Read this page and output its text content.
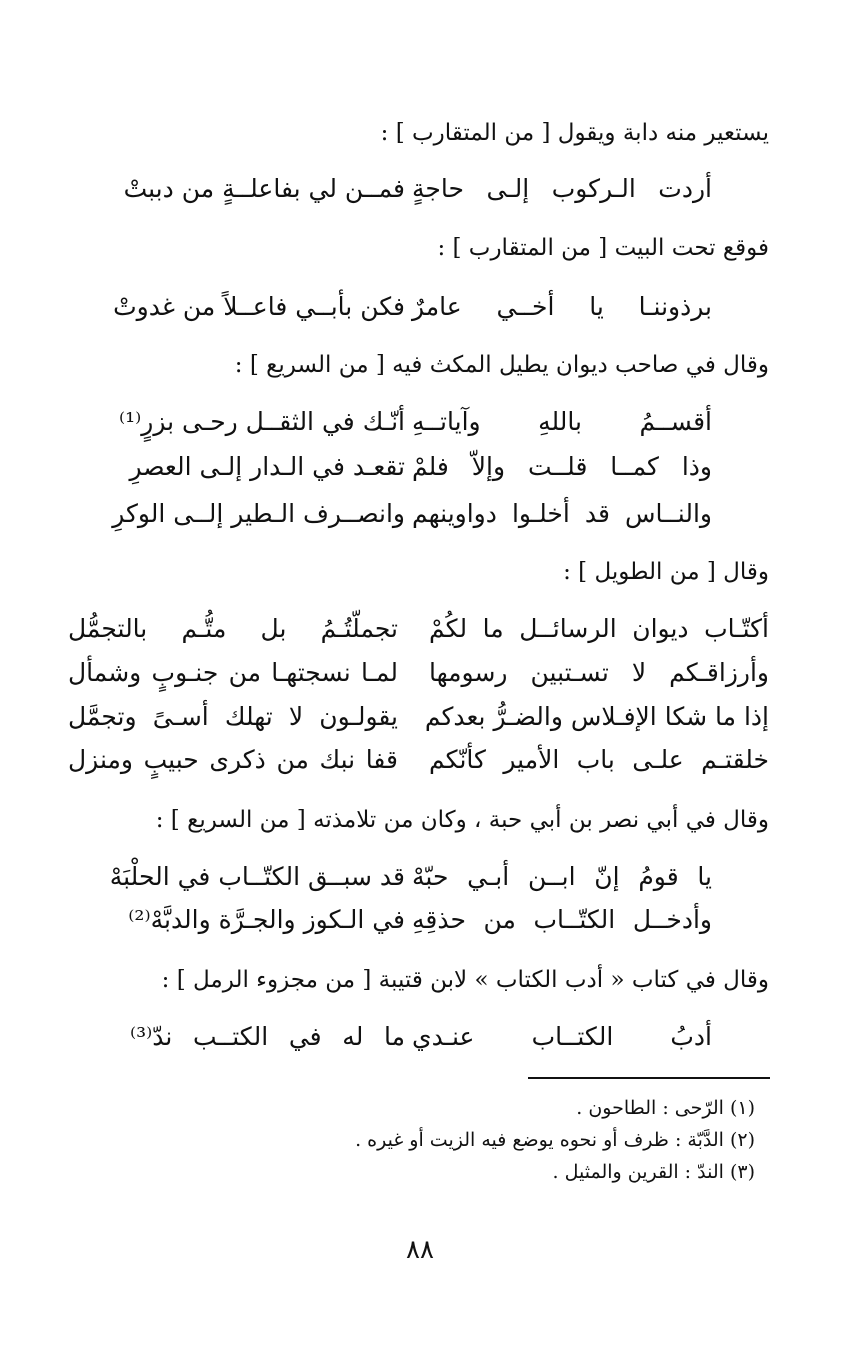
يستعير منه دابة ويقول [ من المتقارب ] :
أردت الـركوب إلـى حاجةٍ
فمــن لي بفاعلــةٍ من دببتْ
فوقع تحت البيت [ من المتقارب ] :
برذوننـا يا أخــي عامرٌ
فكن بأبــي فاعــلاً من غدوتْ
وقال في صاحب ديوان يطيل المكث فيه [ من السريع ] :
أقســمُ باللهِ وآياتــهِ
أنّـك في الثقــل رحـى بزرٍ⁽¹⁾
وذا كمــا قلــت وإلاّ فلمْ
تقعـد في الـدار إلـى العصرِ
والنــاس قد أخلـوا دواوينهم
وانصــرف الـطير إلــى الوكرِ
وقال [ من الطويل ] :
أكتّـاب ديوان الرسائــل ما لكُمْ
تجملّتُـمُ بل متُّـم بالتجمُّل
وأرزاقـكم لا تسـتبين رسومها
لمـا نسجتهـا من جنـوبٍ وشمأل
إذا ما شكا الإفـلاس والضـرُّ بعدكم
يقولـون لا تهلك أسـىً وتجمَّل
خلقتـم علـى باب الأمير كأنّكم
قفا نبك من ذكرى حبيبٍ ومنزل
وقال في أبي نصر بن أبي حبة ، وكان من تلامذته [ من السريع ] :
يا قومُ إنّ ابــن أبـي حبّهْ
قد سبــق الكتّــاب في الحلْبَهْ
وأدخــل الكتّــاب من حذقِهِ
في الـكوز والجـرَّة والدبَّهْ⁽²⁾
وقال في كتاب « أدب الكتاب » لابن قتيبة [ من مجزوء الرمل ] :
أدبُ الكتــاب عنـدي
ما له في الكتــب ندّ⁽³⁾
(١) الرّحى : الطاحون .
(٢) الدَّبّة : ظرف أو نحوه يوضع فيه الزيت أو غيره .
(٣) الندّ : القرين والمثيل .
٨٨
